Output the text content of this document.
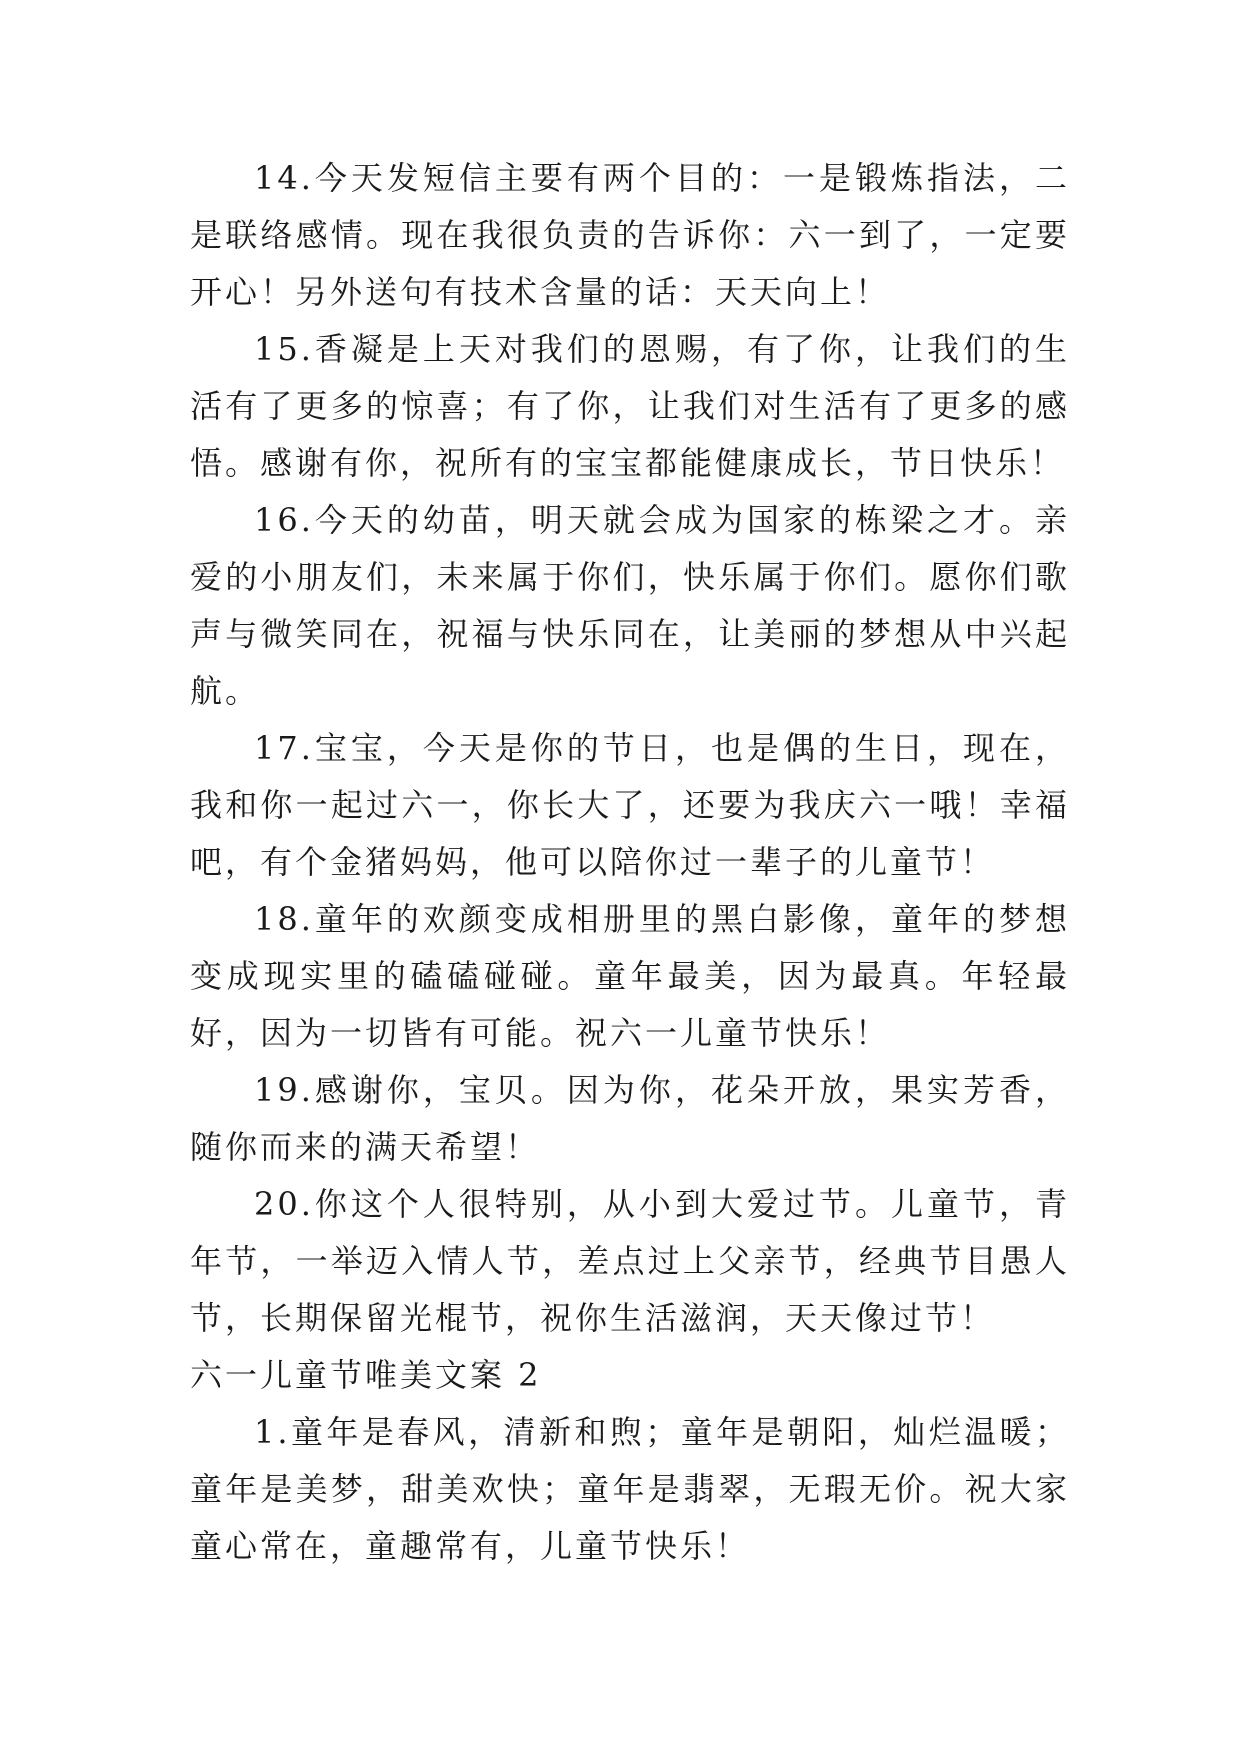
14.今天发短信主要有两个目的：一是锻炼指法，二是联络感情。现在我很负责的告诉你：六一到了，一定要开心！另外送句有技术含量的话：天天向上！

15.香凝是上天对我们的恩赐，有了你，让我们的生活有了更多的惊喜；有了你，让我们对生活有了更多的感悟。感谢有你，祝所有的宝宝都能健康成长，节日快乐！

16.今天的幼苗，明天就会成为国家的栋梁之才。亲爱的小朋友们，未来属于你们，快乐属于你们。愿你们歌声与微笑同在，祝福与快乐同在，让美丽的梦想从中兴起航。

17.宝宝，今天是你的节日，也是偶的生日，现在，我和你一起过六一，你长大了，还要为我庆六一哦！幸福吧，有个金猪妈妈，他可以陪你过一辈子的儿童节！

18.童年的欢颜变成相册里的黑白影像，童年的梦想变成现实里的磕磕碰碰。童年最美，因为最真。年轻最好，因为一切皆有可能。祝六一儿童节快乐！

19.感谢你，宝贝。因为你，花朵开放，果实芳香，随你而来的满天希望！

20.你这个人很特别，从小到大爱过节。儿童节，青年节，一举迈入情人节，差点过上父亲节，经典节目愚人节，长期保留光棍节，祝你生活滋润，天天像过节！

六一儿童节唯美文案 2

1.童年是春风，清新和煦；童年是朝阳，灿烂温暖；童年是美梦，甜美欢快；童年是翡翠，无瑕无价。祝大家童心常在，童趣常有，儿童节快乐！
